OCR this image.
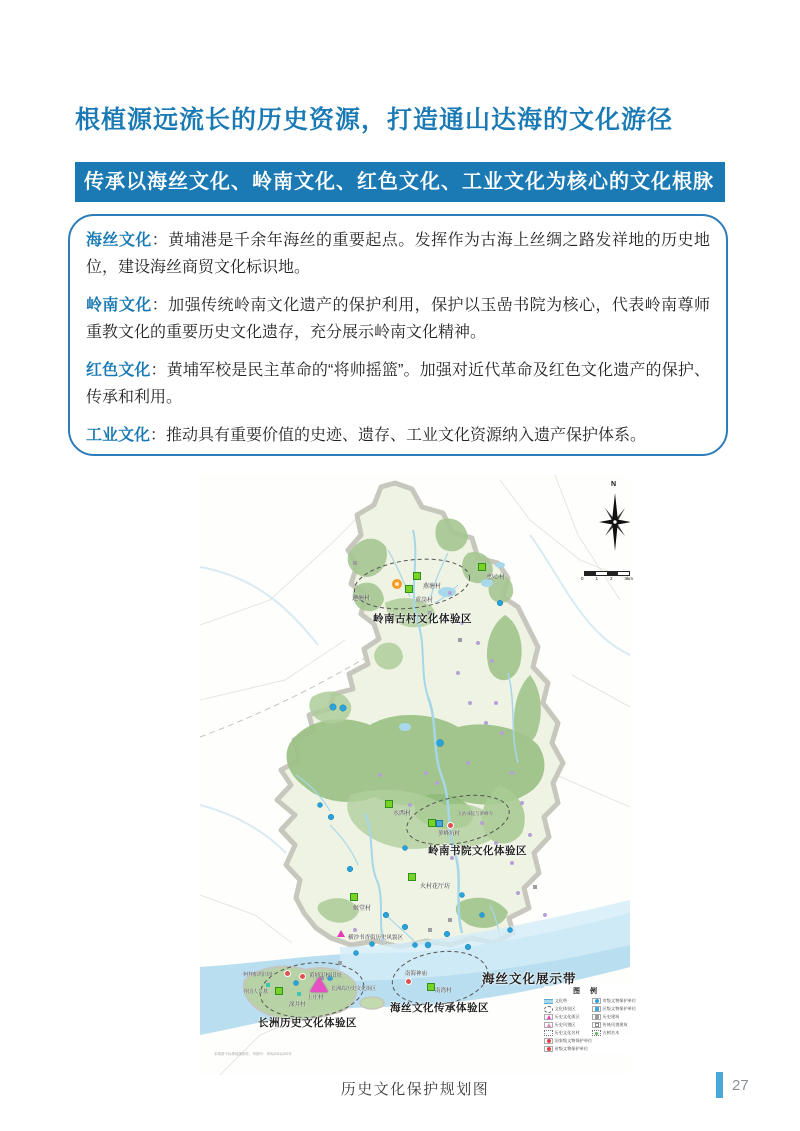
根植源远流长的历史资源，打造通山达海的文化游径
传承以海丝文化、岭南文化、红色文化、工业文化为核心的文化根脉

海丝文化：黄埔港是千余年海丝的重要起点。发挥作为古海上丝绸之路发祥地的历史地位，建设海丝商贸文化标识地。

岭南文化：加强传统岭南文化遗产的保护利用，保护以玉嵒书院为核心，代表岭南尊师重教文化的重要历史文化遗存，充分展示岭南文化精神。

红色文化：黄埔军校是民主革命的“将帅摇篮”。加强对近代革命及红色文化遗产的保护、传承和利用。

工业文化：推动具有重要价值的史迹、遗存、工业文化资源纳入遗产保护体系。

N
0	1	2	3km
莲塘村
燕塘村
重岗村
塱心村
水西村	玉嵒书院与萝峰寺
萝峰坑村
火村花厅坊
姬堂村
横沙书香街历史风貌区
柯拜船坞旧址	黄埔军校旧址
外国人公墓	长洲岛历史文化街区
上庄村
深井村
南海神庙
南湾村
岭南古村文化体验区
岭南书院文化体验区
长洲历史文化体验区
海丝文化传承体验区
海丝文化展示带
图 例
文化带
文化体验区
历史文化街区
历史风貌区
历史文化名村
国家级文物保护单位
省级文物保护单位
市级文物保护单位
区级文物保护单位
历史建筑
传统风貌建筑
古树名木
本图基于标准地图制作，审图号：粤S(2021)100号
历史文化保护规划图	27
